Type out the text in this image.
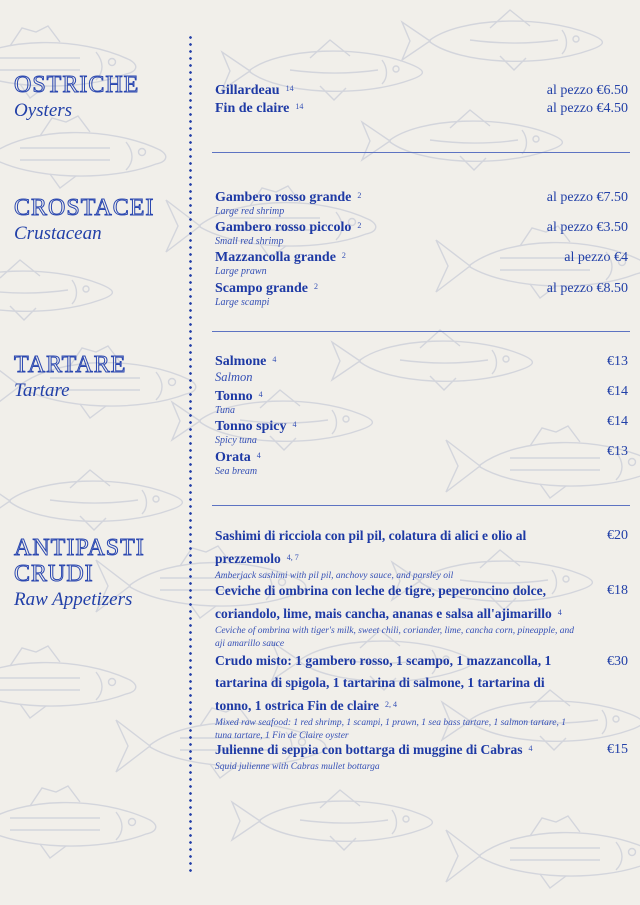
OSTRICHE
Oysters
Gillardeau $^{14}$	al pezzo €6.50
Fin de claire $^{14}$	al pezzo €4.50
CROSTACEI
Crustacean
Gambero rosso grande $^2$
Large red shrimp
al pezzo €7.50
Gambero rosso piccolo $^2$
Small red shrimp
al pezzo €3.50
Mazzancolla grande $^2$
Large prawn
al pezzo €4
Scampo grande $^2$
Large scampi
al pezzo €8.50
TARTARE
Tartare
Salmone $^4$
Salmon
€13
Tonno $^4$
Tuna
€14
Tonno spicy $^4$
Spicy tuna
€14
Orata $^4$
Sea bream
€13
ANTIPASTI
CRUDI
Raw Appetizers
Sashimi di ricciola con pil pil, colatura di alici e olio al prezzemolo $^{4, 7}$
Amberjack sashimi with pil pil, anchovy sauce, and parsley oil
€20
Ceviche di ombrina con leche de tigre, peperoncino dolce, coriandolo, lime, mais cancha, ananas e salsa all'ajimarillo $^4$
Ceviche of ombrina with tiger's milk, sweet chili, coriander, lime, cancha corn, pineapple, and aji amarillo sauce
€18
Crudo misto: 1 gambero rosso, 1 scampo, 1 mazzancolla, 1 tartarina di spigola, 1 tartarina di salmone, 1 tartarina di tonno, 1 ostrica Fin de claire $^{2, 4}$
Mixed raw seafood: 1 red shrimp, 1 scampi, 1 prawn, 1 sea bass tartare, 1 salmon tartare, 1 tuna tartare, 1 Fin de Claire oyster
€30
Julienne di seppia con bottarga di muggine di Cabras $^4$
Squid julienne with Cabras mullet bottarga
€15
